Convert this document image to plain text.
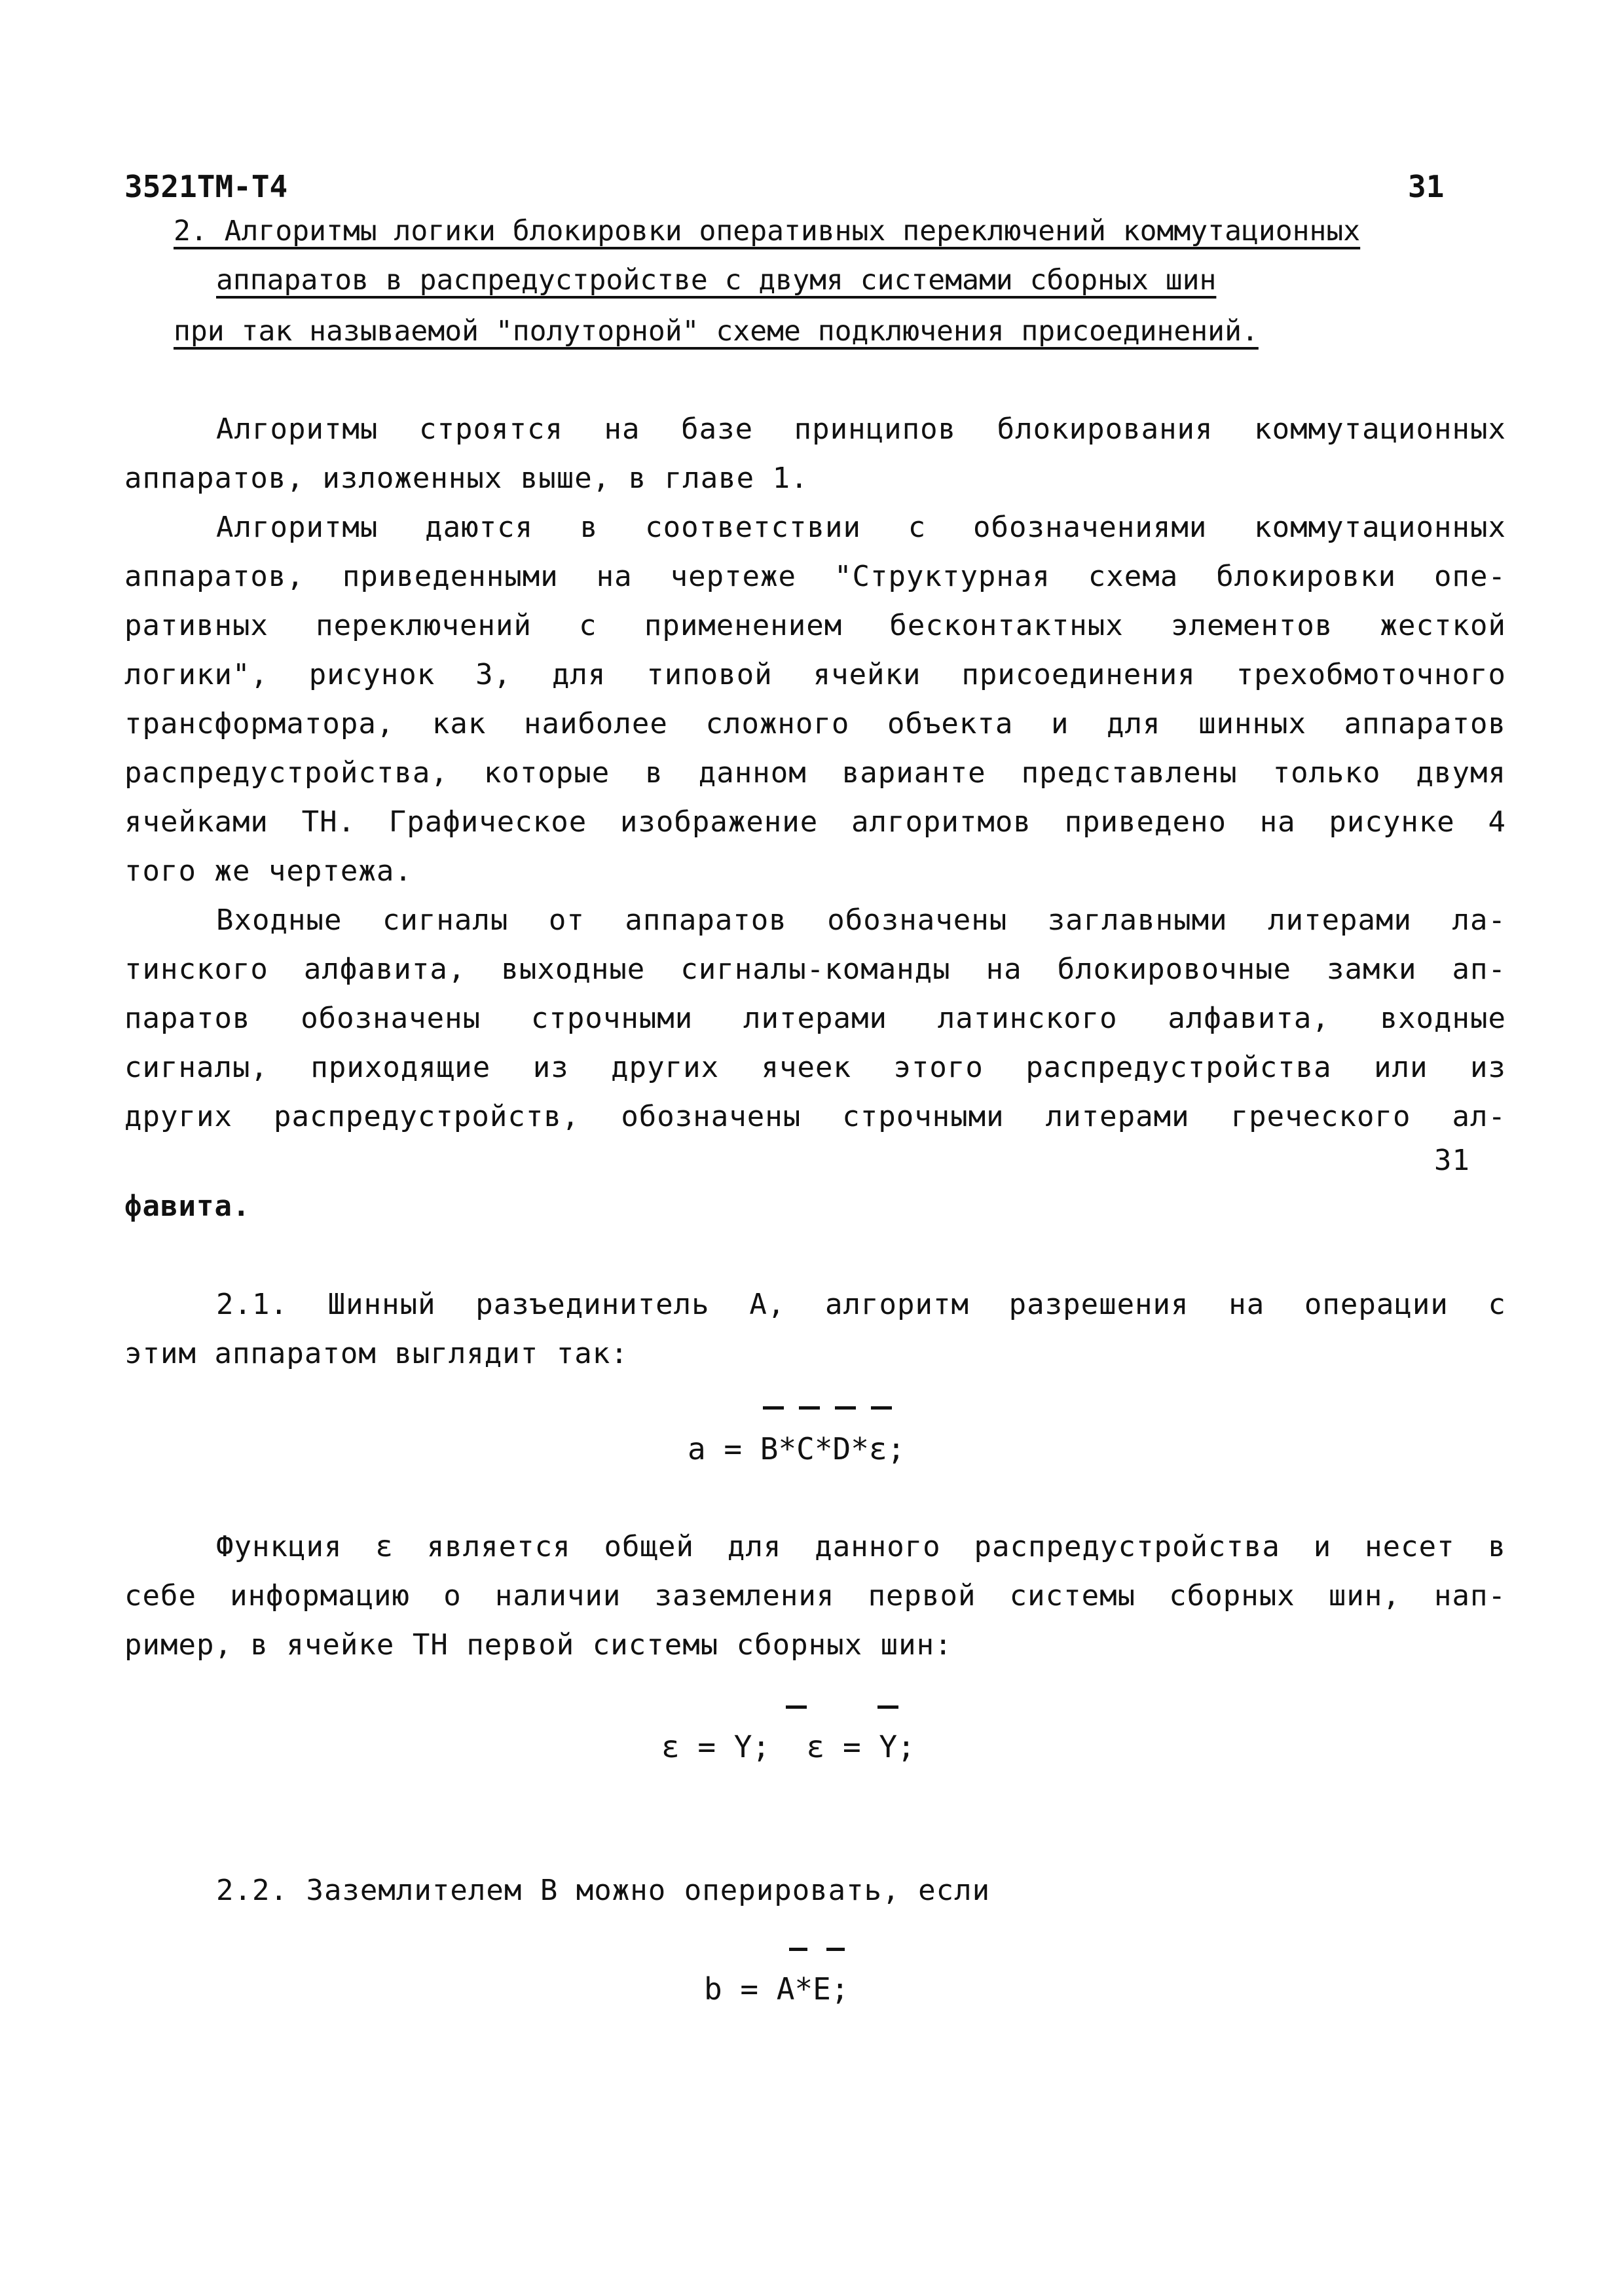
3521ТМ-Т4	31
2. Алгоритмы логики блокировки оперативных переключений коммутационных
аппаратов в распредустройстве с двумя системами сборных шин
при так называемой "полуторной" схеме подключения присоединений.
Алгоритмы строятся на базе принципов блокирования коммутационных
аппаратов, изложенных выше, в главе 1.
Алгоритмы даются в соответствии с обозначениями коммутационных
аппаратов, приведенными на чертеже "Структурная схема блокировки опе-
ративных переключений с применением бесконтактных элементов жесткой
логики", рисунок 3, для типовой ячейки присоединения трехобмоточного
трансформатора, как наиболее сложного объекта и для шинных аппаратов
распредустройства, которые в данном варианте представлены только двумя
ячейками ТН. Графическое изображение алгоритмов приведено на рисунке 4
того же чертежа.
Входные сигналы от аппаратов обозначены заглавными литерами ла-
тинского алфавита, выходные сигналы-команды на блокировочные замки ап-
паратов обозначены строчными литерами латинского алфавита, входные
сигналы, приходящие из других ячеек этого распредустройства или из
других распредустройств, обозначены строчными литерами греческого ал-
31
фавита.
2.1. Шинный разъединитель А, алгоритм разрешения на операции с
этим аппаратом выглядит так:
a = B*C*D*ε;
Функция ε является общей для данного распредустройства и несет в
себе информацию о наличии заземления первой системы сборных шин, нап-
ример, в ячейке ТН первой системы сборных шин:
ε = Y;  ε = Y;
2.2. Заземлителем В можно оперировать, если
b = A*E;
